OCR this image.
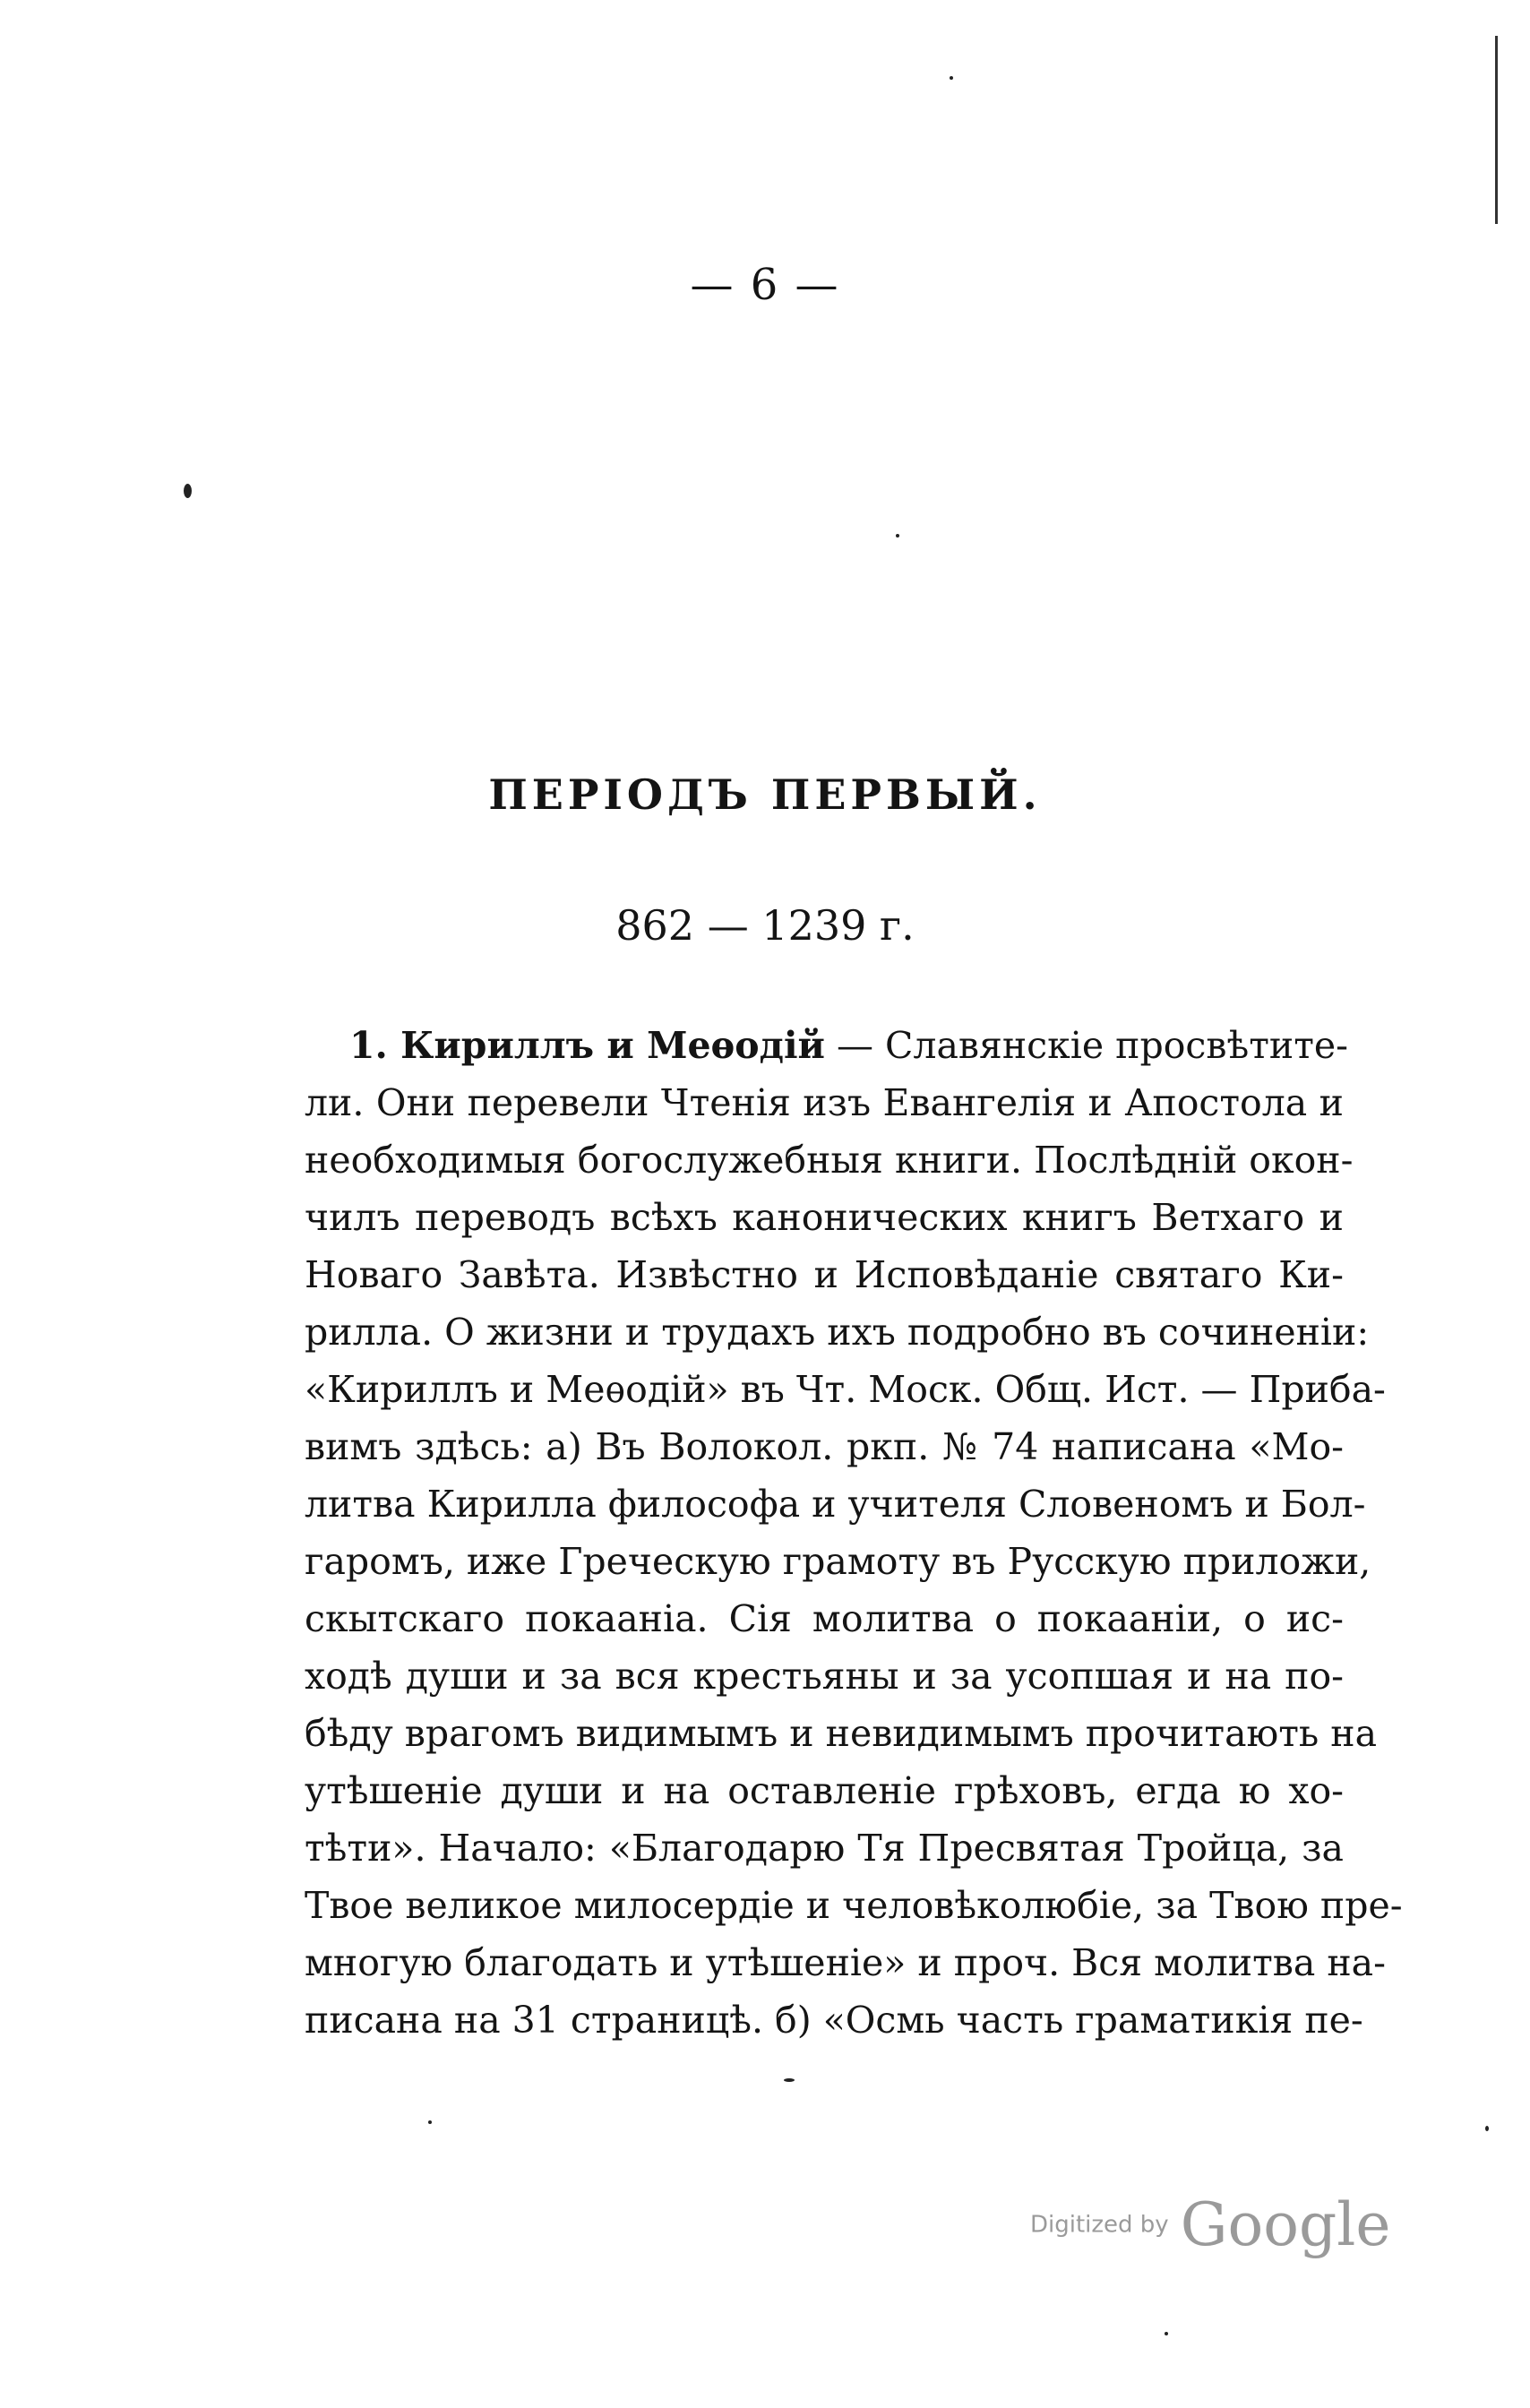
— 6 —
ПЕРІОДЪ ПЕРВЫЙ.
862 — 1239 г.
1. Кириллъ и Меѳодій — Славянскіе просвѣтите-
ли. Они перевели Чтенія изъ Евангелія и Апостола и
необходимыя богослужебныя книги. Послѣдній окон-
чилъ переводъ всѣхъ канонических книгъ Ветхаго и
Новаго Завѣта. Извѣстно и Исповѣданіе святаго Ки-
рилла. О жизни и трудахъ ихъ подробно въ сочиненіи:
«Кириллъ и Меѳодій» въ Чт. Моск. Общ. Ист. — Приба-
вимъ здѣсь: а) Въ Волокол. ркп. № 74 написана «Мо-
литва Кирилла философа и учителя Словеномъ и Бол-
гаромъ, иже Греческую грамоту въ Русскую приложи,
скытскаго покааніа. Сія молитва о покааніи, о ис-
ходѣ души и за вся крестьяны и за усопшая и на по-
бѣду врагомъ видимымъ и невидимымъ прочитають на
утѣшеніе души и на оставленіе грѣховъ, егда ю хо-
тѣти». Начало: «Благодарю Тя Пресвятая Тройца, за
Твое великое милосердіе и человѣколюбіе, за Твою пре-
многую благодать и утѣшеніе» и проч. Вся молитва на-
писана на 31 страницѣ. б) «Осмь часть граматикія пе-
Digitized by Google
